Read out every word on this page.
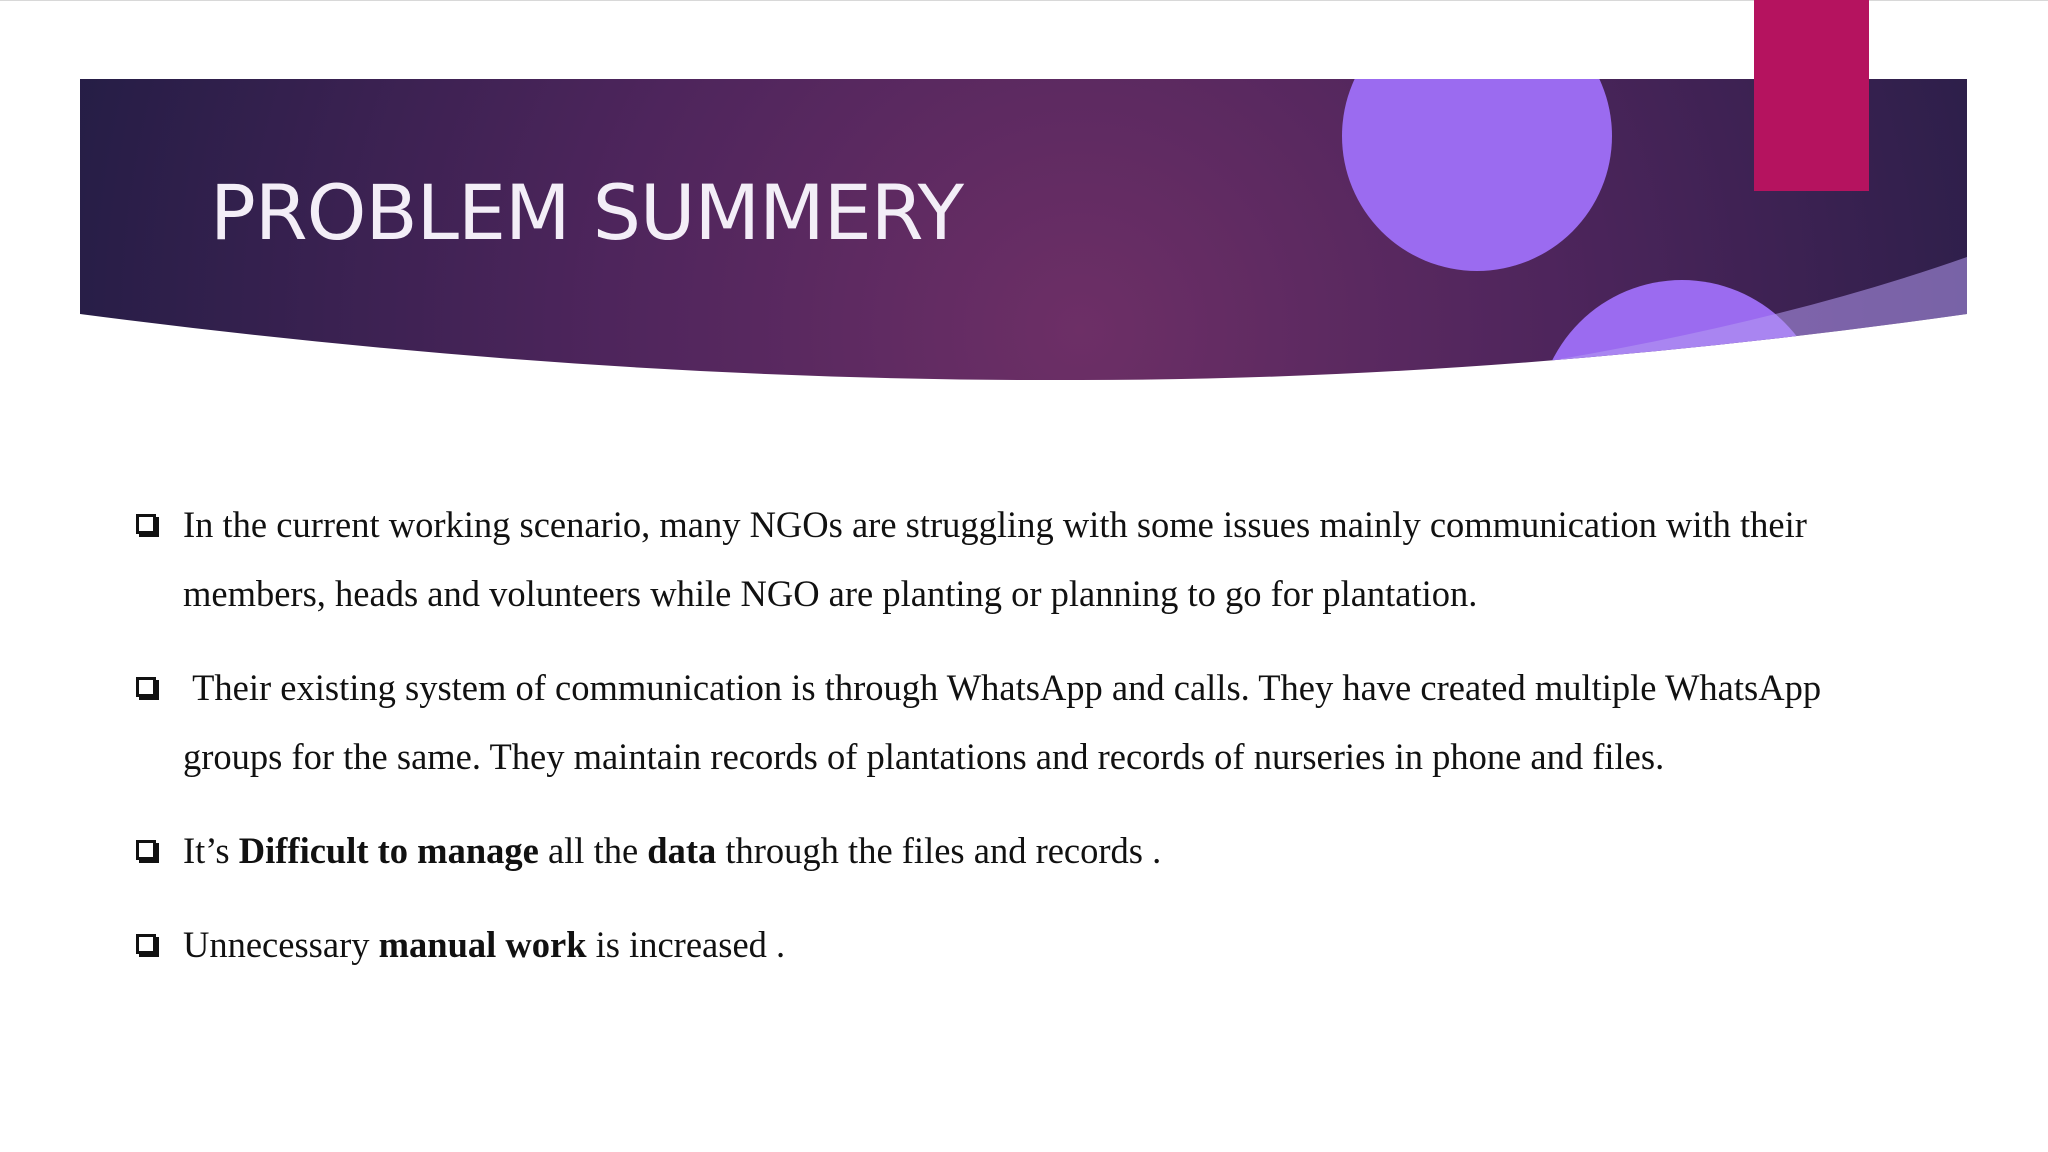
PROBLEM SUMMERY
In the current working scenario, many NGOs are struggling with some issues mainly communication with their members, heads and volunteers while NGO are planting or planning to go for plantation.
Their existing system of communication is through WhatsApp and calls. They have created multiple WhatsApp groups for the same. They maintain records of plantations and records of nurseries in phone and files.
It’s Difficult to manage all the data through the files and records .
Unnecessary manual work is increased .
